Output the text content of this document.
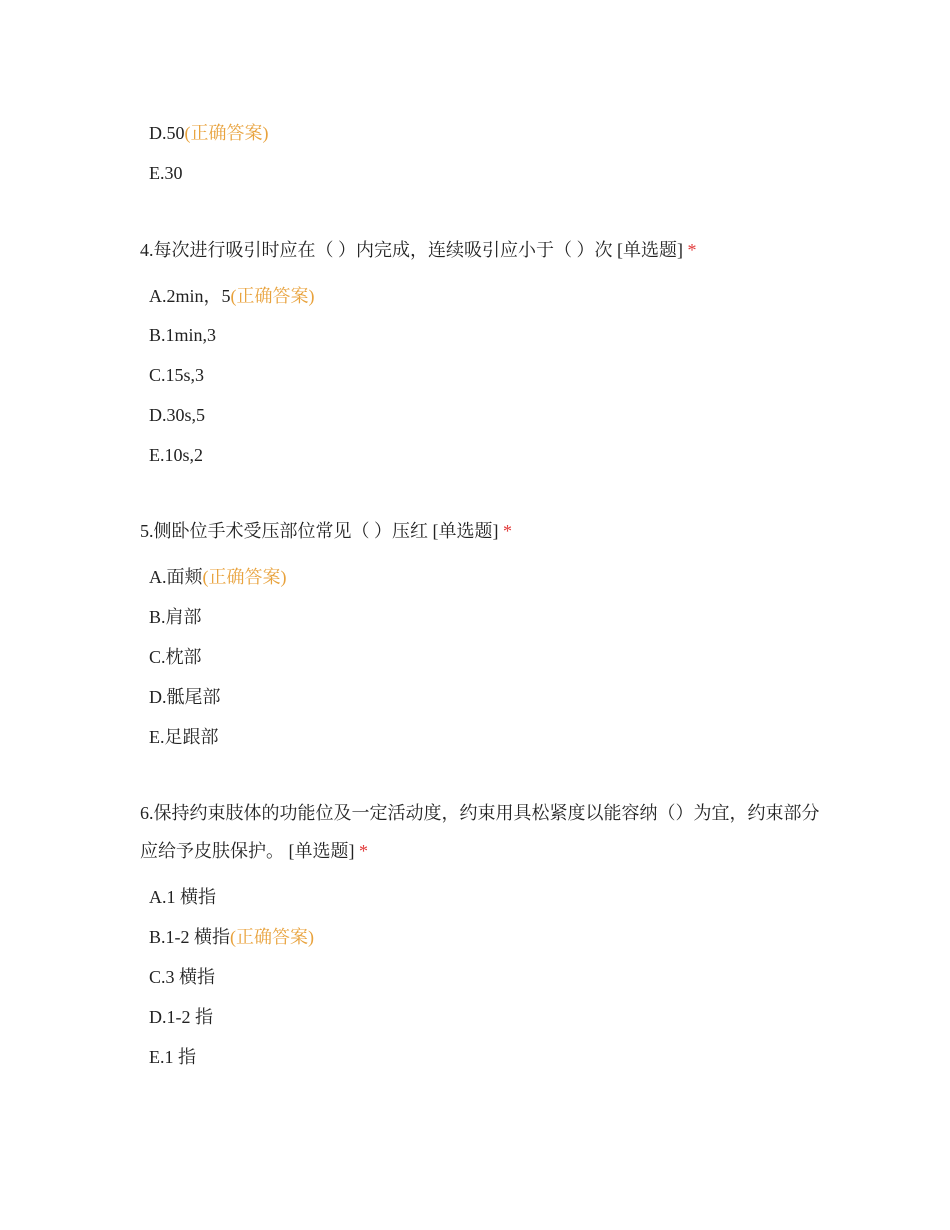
D.50(正确答案)
E.30
4.每次进行吸引时应在（ ）内完成，连续吸引应小于（ ）次 [单选题] *
A.2min，5(正确答案)
B.1min,3
C.15s,3
D.30s,5
E.10s,2
5.侧卧位手术受压部位常见（ ）压红 [单选题] *
A.面颊(正确答案)
B.肩部
C.枕部
D.骶尾部
E.足跟部
6.保持约束肢体的功能位及一定活动度，约束用具松紧度以能容纳（）为宜，约束部分应给予皮肤保护。 [单选题] *
A.1 横指
B.1-2 横指(正确答案)
C.3 横指
D.1-2 指
E.1 指
